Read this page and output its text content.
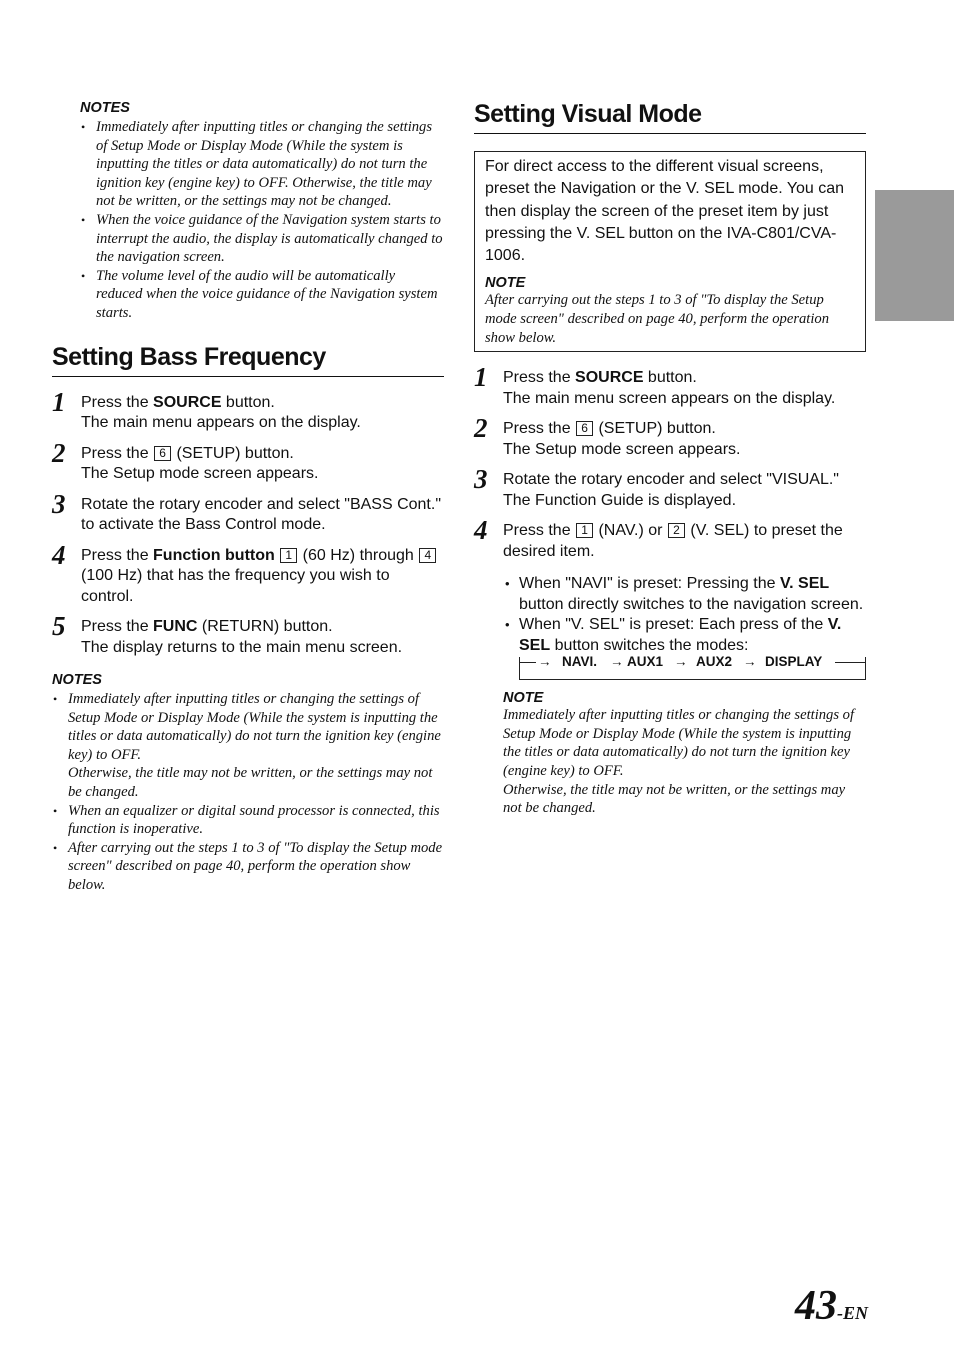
NOTES
• Immediately after inputting titles or changing the settings of Setup Mode or Display Mode (While the system is inputting the titles or data automatically) do not turn the ignition key (engine key) to OFF. Otherwise, the title may not be written, or the settings may not be changed.
• When the voice guidance of the Navigation system starts to interrupt the audio, the display is automatically changed to the navigation screen.
• The volume level of the audio will be automatically reduced when the voice guidance of the Navigation system starts.
Setting Bass Frequency
1 Press the SOURCE button.
The main menu appears on the display.
2 Press the 6 (SETUP) button.
The Setup mode screen appears.
3 Rotate the rotary encoder and select "BASS Cont." to activate the Bass Control mode.
4 Press the Function button 1 (60 Hz) through 4 (100 Hz) that has the frequency you wish to control.
5 Press the FUNC (RETURN) button.
The display returns to the main menu screen.
NOTES
• Immediately after inputting titles or changing the settings of Setup Mode or Display Mode (While the system is inputting the titles or data automatically) do not turn the ignition key (engine key) to OFF.
Otherwise, the title may not be written, or the settings may not be changed.
• When an equalizer or digital sound processor is connected, this function is inoperative.
• After carrying out the steps 1 to 3 of "To display the Setup mode screen" described on page 40, perform the operation show below.
Setting Visual Mode
For direct access to the different visual screens, preset the Navigation or the V. SEL mode. You can then display the screen of the preset item by just pressing the V. SEL button on the IVA-C801/CVA-1006.
NOTE
After carrying out the steps 1 to 3 of "To display the Setup mode screen" described on page 40, perform the operation show below.
1 Press the SOURCE button.
The main menu screen appears on the display.
2 Press the 6 (SETUP) button.
The Setup mode screen appears.
3 Rotate the rotary encoder and select "VISUAL."
The Function Guide is displayed.
4 Press the 1 (NAV.) or 2 (V. SEL) to preset the desired item.
• When "NAVI" is preset: Pressing the V. SEL button directly switches to the navigation screen.
• When "V. SEL" is preset: Each press of the V. SEL button switches the modes:
→ NAVI. → AUX1 → AUX2 → DISPLAY
NOTE
Immediately after inputting titles or changing the settings of Setup Mode or Display Mode (While the system is inputting the titles or data automatically) do not turn the ignition key (engine key) to OFF.
Otherwise, the title may not be written, or the settings may not be changed.
43-EN
